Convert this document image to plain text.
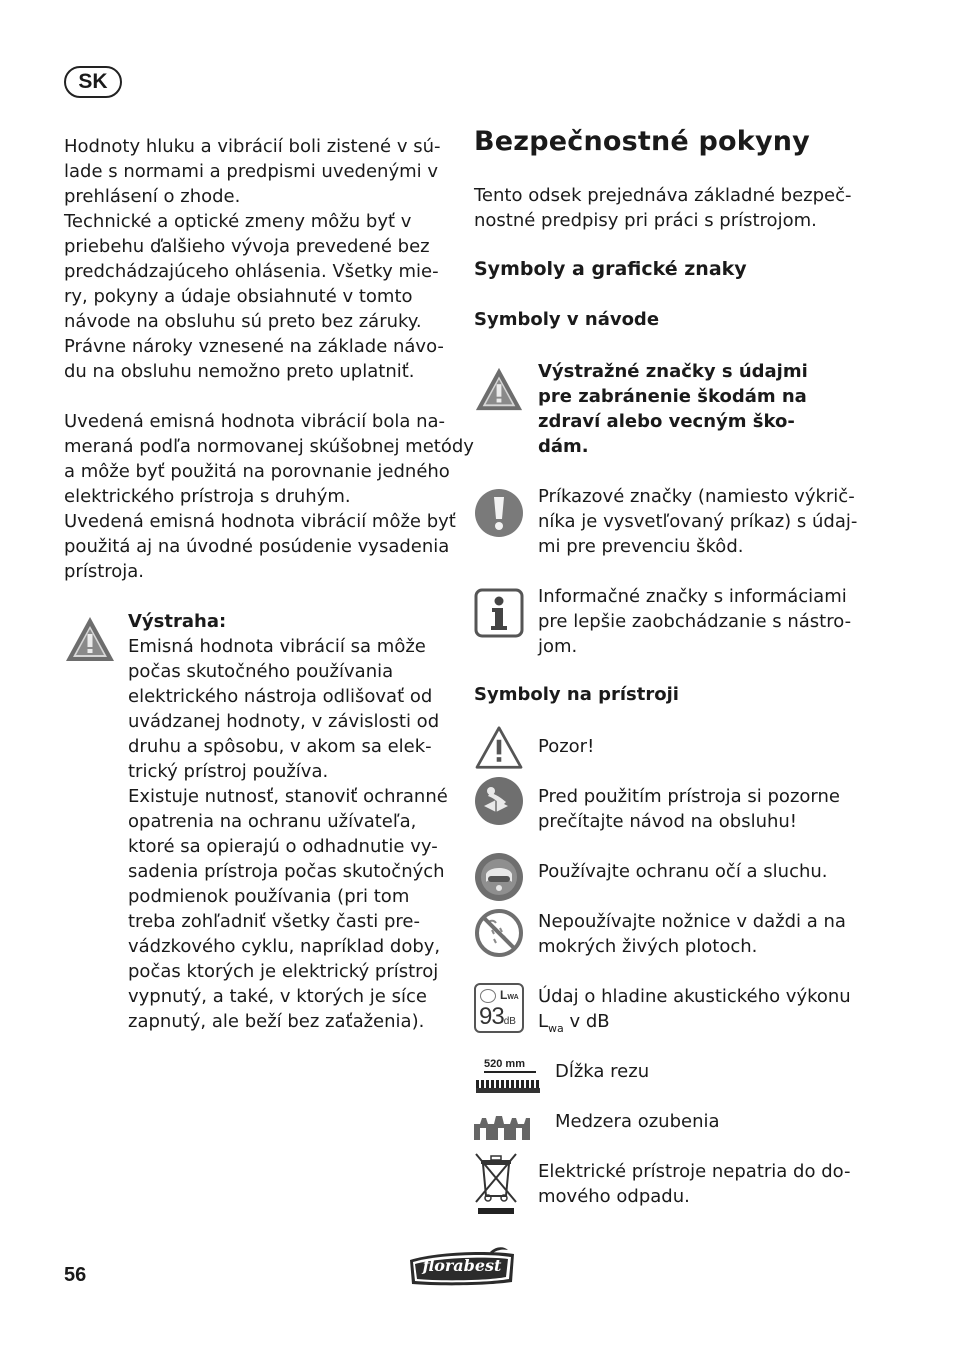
SK
Hodnoty hluku a vibrácií boli zistené v sú-
lade s normami a predpismi uvedenými v
prehlásení o zhode.
Technické a optické zmeny môžu byť v
priebehu ďalšieho vývoja prevedené bez
predchádzajúceho ohlásenia. Všetky mie-
ry, pokyny a údaje obsiahnuté v tomto
návode na obsluhu sú preto bez záruky.
Právne nároky vznesené na základe návo-
du na obsluhu nemožno preto uplatniť.
Uvedená emisná hodnota vibrácií bola na-
meraná podľa normovanej skúšobnej metódy
a môže byť použitá na porovnanie jedného
elektrického prístroja s druhým.
Uvedená emisná hodnota vibrácií môže byť
použitá aj na úvodné posúdenie vysadenia
prístroja.
Výstraha:
Emisná hodnota vibrácií sa môže
počas skutočného používania
elektrického nástroja odlišovať od
uvádzanej hodnoty, v závislosti od
druhu a spôsobu, v akom sa elek-
trický prístroj používa.
Existuje nutnosť, stanoviť ochranné
opatrenia na ochranu užívateľa,
ktoré sa opierajú o odhadnutie vy-
sadenia prístroja počas skutočných
podmienok používania (pri tom
treba zohľadniť všetky časti pre-
vádzkového cyklu, napríklad doby,
počas ktorých je elektrický prístroj
vypnutý, a také, v ktorých je síce
zapnutý, ale beží bez zaťaženia).
Bezpečnostné pokyny
Tento odsek prejednáva základné bezpeč-
nostné predpisy pri práci s prístrojom.
Symboly a grafické znaky
Symboly v návode
Výstražné značky s údajmi
pre zabránenie škodám na
zdraví alebo vecným ško-
dám.
Príkazové značky (namiesto výkrič-
níka je vysvetľovaný príkaz) s údaj-
mi pre prevenciu škôd.
Informačné značky s informáciami
pre lepšie zaobchádzanie s nástro-
jom.
Symboly na prístroji
Pozor!
Pred použitím prístroja si pozorne
prečítajte návod na obsluhu!
Používajte ochranu očí a sluchu.
Nepoužívajte nožnice v daždi a na
mokrých živých plotoch.
LWA
93dB
Údaj o hladine akustického výkonu
$L_{wa}$ v dB
520 mm Dĺžka rezu
Medzera ozubenia
Elektrické prístroje nepatria do do-
mového odpadu.
56	florabest
